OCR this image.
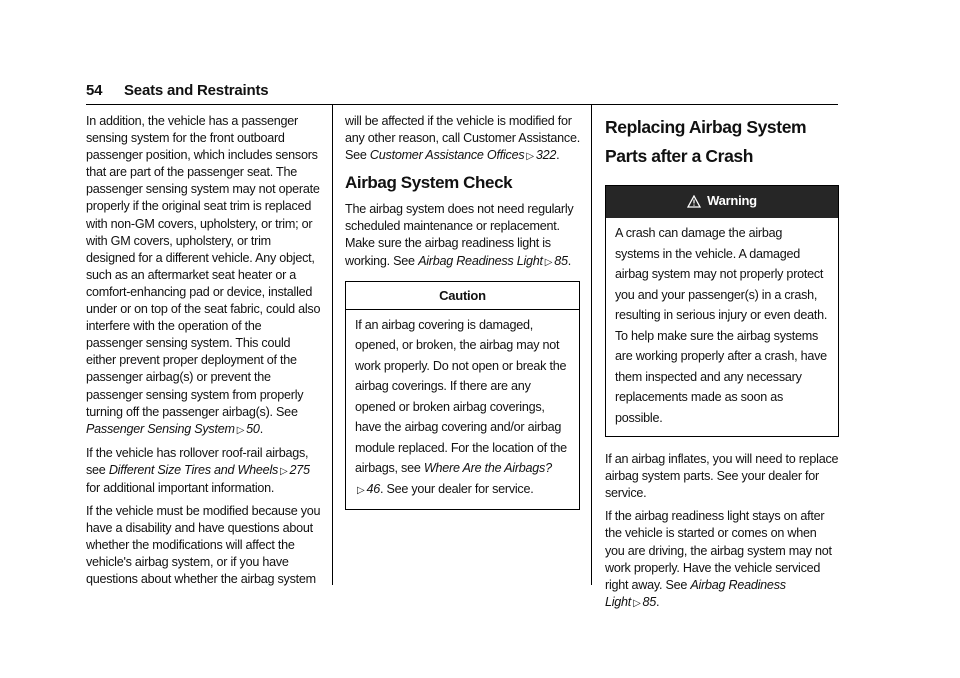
54 Seats and Restraints

In addition, the vehicle has a passenger sensing system for the front outboard passenger position, which includes sensors that are part of the passenger seat. The passenger sensing system may not operate properly if the original seat trim is replaced with non-GM covers, upholstery, or trim; or with GM covers, upholstery, or trim designed for a different vehicle. Any object, such as an aftermarket seat heater or a comfort-enhancing pad or device, installed under or on top of the seat fabric, could also interfere with the operation of the passenger sensing system. This could either prevent proper deployment of the passenger airbag(s) or prevent the passenger sensing system from properly turning off the passenger airbag(s). See Passenger Sensing System ▷ 50.

If the vehicle has rollover roof-rail airbags, see Different Size Tires and Wheels ▷ 275 for additional important information.

If the vehicle must be modified because you have a disability and have questions about whether the modifications will affect the vehicle's airbag system, or if you have questions about whether the airbag system

will be affected if the vehicle is modified for any other reason, call Customer Assistance. See Customer Assistance Offices ▷ 322.

Airbag System Check

The airbag system does not need regularly scheduled maintenance or replacement. Make sure the airbag readiness light is working. See Airbag Readiness Light ▷ 85.

Caution
If an airbag covering is damaged, opened, or broken, the airbag may not work properly. Do not open or break the airbag coverings. If there are any opened or broken airbag coverings, have the airbag covering and/or airbag module replaced. For the location of the airbags, see Where Are the Airbags?▷ 46. See your dealer for service.
Replacing Airbag System Parts after a Crash
Warning
A crash can damage the airbag systems in the vehicle. A damaged airbag system may not properly protect you and your passenger(s) in a crash, resulting in serious injury or even death. To help make sure the airbag systems are working properly after a crash, have them inspected and any necessary replacements made as soon as possible.

If an airbag inflates, you will need to replace airbag system parts. See your dealer for service.

If the airbag readiness light stays on after the vehicle is started or comes on when you are driving, the airbag system may not work properly. Have the vehicle serviced right away. See Airbag Readiness Light ▷ 85.
